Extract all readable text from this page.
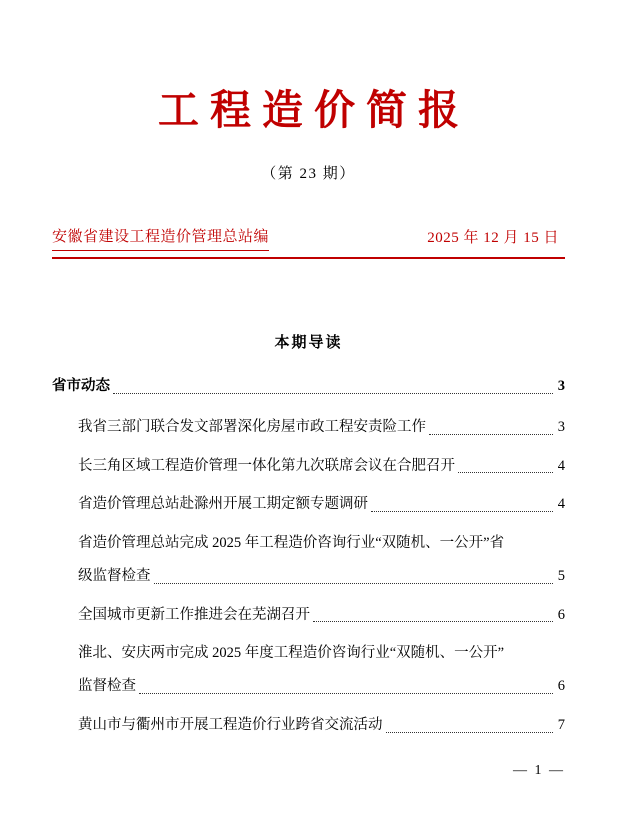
工程造价简报
（第 23 期）
安徽省建设工程造价管理总站编	2025 年 12 月 15 日
本期导读
省市动态	3
我省三部门联合发文部署深化房屋市政工程安责险工作	3
长三角区域工程造价管理一体化第九次联席会议在合肥召开	4
省造价管理总站赴滁州开展工期定额专题调研	4
省造价管理总站完成 2025 年工程造价咨询行业“双随机、一公开”省
级监督检查	5
全国城市更新工作推进会在芜湖召开	6
淮北、安庆两市完成 2025 年度工程造价咨询行业“双随机、一公开”
监督检查	6
黄山市与衢州市开展工程造价行业跨省交流活动	7
— 1 —
